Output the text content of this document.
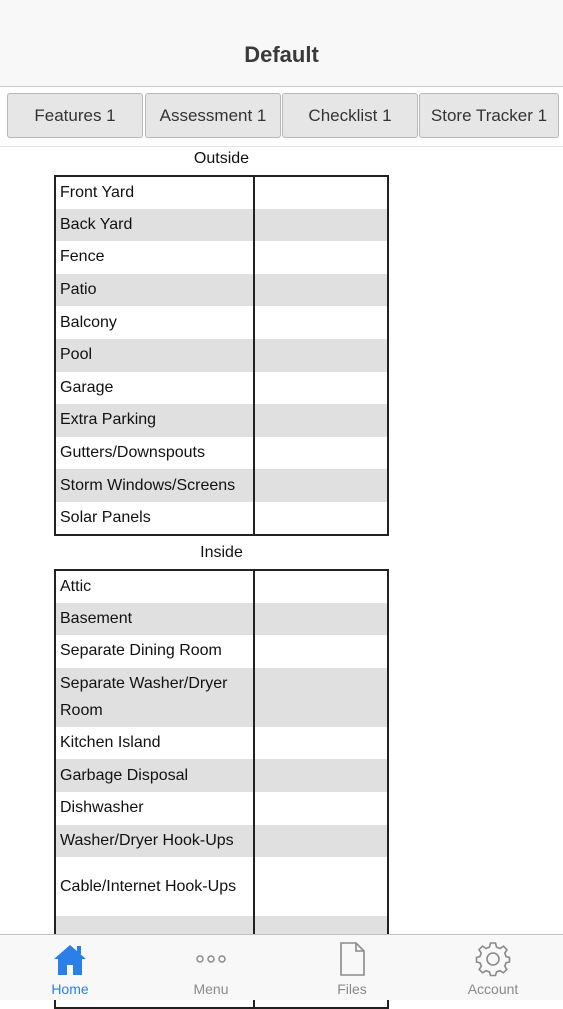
Default
Features 1	Assessment 1	Checklist 1	Store Tracker 1
Outside
Front Yard	
Back Yard	
Fence	
Patio	
Balcony	
Pool	
Garage	
Extra Parking	
Gutters/Downspouts	
Storm Windows/Screens	
Solar Panels	
Inside
Attic	
Basement	
Separate Dining Room	
Separate Washer/Dryer Room	
Kitchen Island	
Garbage Disposal	
Dishwasher	
Washer/Dryer Hook-Ups	
Cable/Internet Hook-Ups	

Home	Menu	Files	Account
